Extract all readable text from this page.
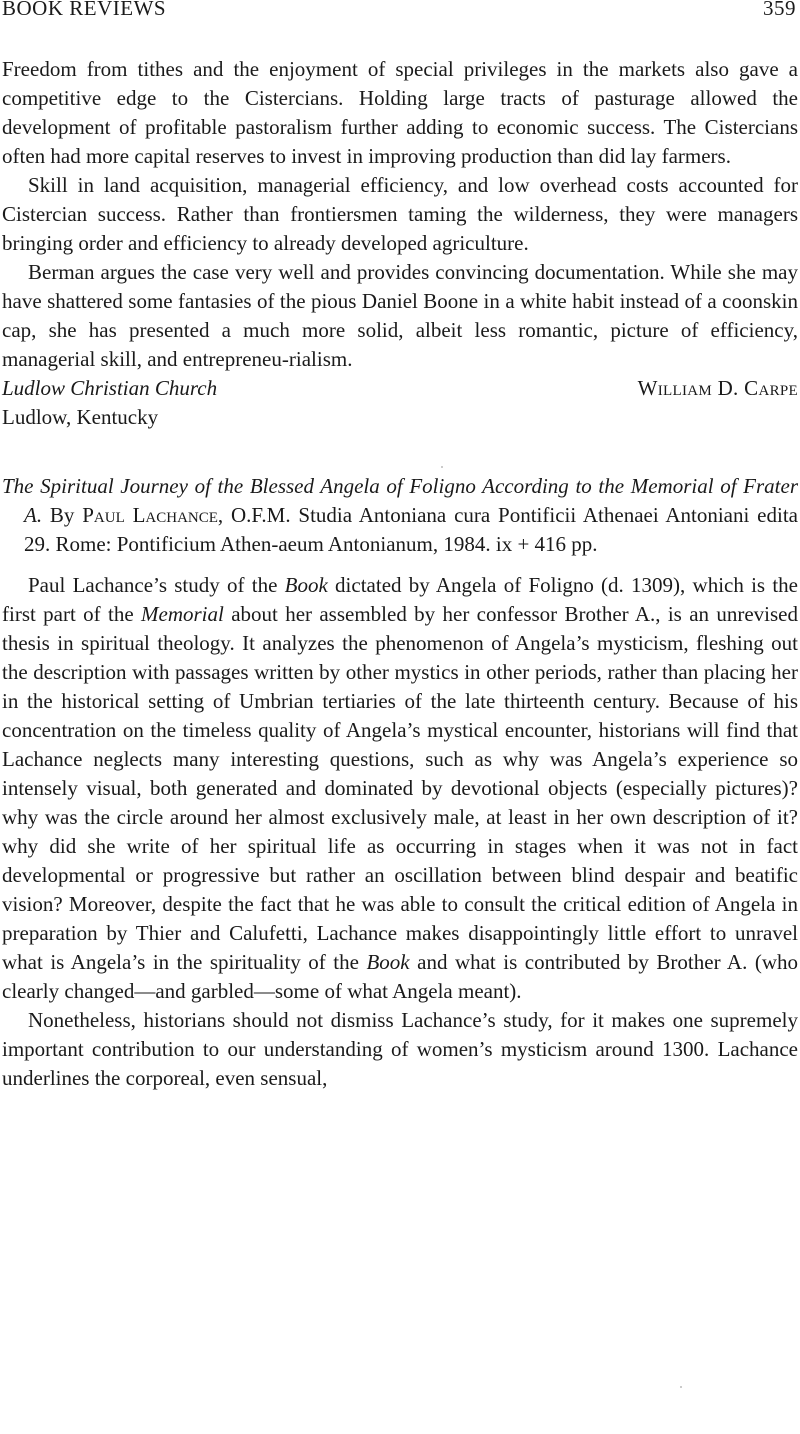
BOOK REVIEWS	359

Freedom from tithes and the enjoyment of special privileges in the markets also gave a competitive edge to the Cistercians. Holding large tracts of pasturage allowed the development of profitable pastoralism further adding to economic success. The Cistercians often had more capital reserves to invest in improving production than did lay farmers.

Skill in land acquisition, managerial efficiency, and low overhead costs accounted for Cistercian success. Rather than frontiersmen taming the wilderness, they were managers bringing order and efficiency to already developed agriculture.

Berman argues the case very well and provides convincing documentation. While she may have shattered some fantasies of the pious Daniel Boone in a white habit instead of a coonskin cap, she has presented a much more solid, albeit less romantic, picture of efficiency, managerial skill, and entrepreneu-rialism.

Ludlow Christian Church	William D. Carpe
Ludlow, Kentucky

The Spiritual Journey of the Blessed Angela of Foligno According to the Memorial of Frater A. By Paul Lachance, O.F.M. Studia Antoniana cura Pontificii Athenaei Antoniani edita 29. Rome: Pontificium Athen-aeum Antonianum, 1984. ix + 416 pp.

Paul Lachance’s study of the Book dictated by Angela of Foligno (d. 1309), which is the first part of the Memorial about her assembled by her confessor Brother A., is an unrevised thesis in spiritual theology. It analyzes the phenomenon of Angela’s mysticism, fleshing out the description with passages written by other mystics in other periods, rather than placing her in the historical setting of Umbrian tertiaries of the late thirteenth century. Because of his concentration on the timeless quality of Angela’s mystical encounter, historians will find that Lachance neglects many interesting questions, such as why was Angela’s experience so intensely visual, both generated and dominated by devotional objects (especially pictures)? why was the circle around her almost exclusively male, at least in her own description of it? why did she write of her spiritual life as occurring in stages when it was not in fact developmental or progressive but rather an oscillation between blind despair and beatific vision? Moreover, despite the fact that he was able to consult the critical edition of Angela in preparation by Thier and Calufetti, Lachance makes disappointingly little effort to unravel what is Angela’s in the spirituality of the Book and what is contributed by Brother A. (who clearly changed—and garbled—some of what Angela meant).

Nonetheless, historians should not dismiss Lachance’s study, for it makes one supremely important contribution to our understanding of women’s mysticism around 1300. Lachance underlines the corporeal, even sensual,
